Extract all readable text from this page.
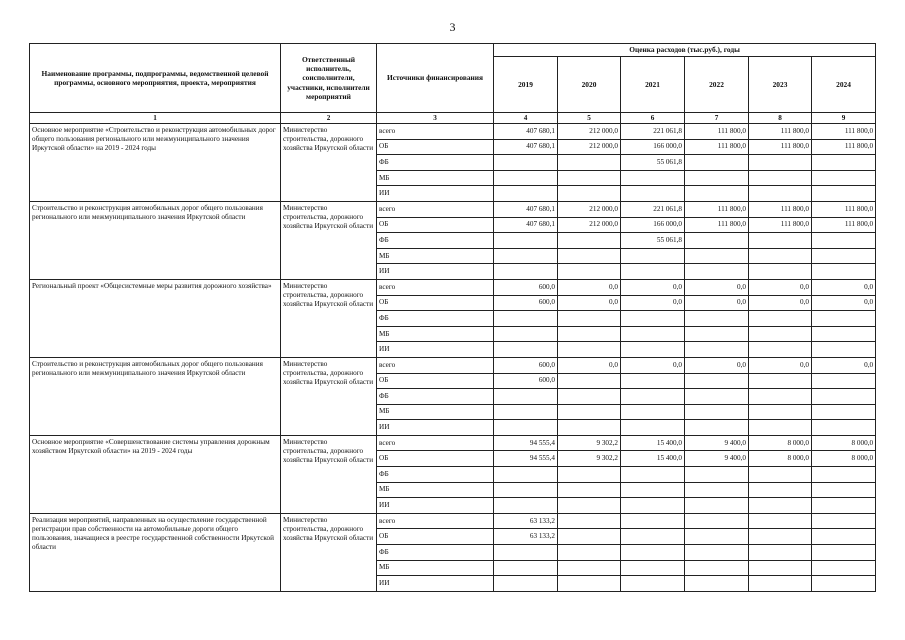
3
Наименование программы, подпрограммы, ведомственной целевой программы, основного мероприятия, проекта, мероприятия	Ответственный исполнитель, соисполнители, участники, исполнители мероприятий	Источники финансирования	Оценка расходов (тыс.руб.), годы					
			2019	2020	2021	2022	2023	2024
1	2	3	4	5	6	7	8	9
Основное мероприятие «Строительство и реконструкция автомобильных дорог общего пользования регионального или межмуниципального значения Иркутской области» на 2019 - 2024 годы	Министерство строительства, дорожного хозяйства Иркутской области	всего	407 680,1	212 000,0	221 061,8	111 800,0	111 800,0	111 800,0
		ОБ	407 680,1	212 000,0	166 000,0	111 800,0	111 800,0	111 800,0
		ФБ			55 061,8			
		МБ						
		ИИ						
Строительство и реконструкция автомобильных дорог общего пользования регионального или межмуниципального значения Иркутской области	Министерство строительства, дорожного хозяйства Иркутской области	всего	407 680,1	212 000,0	221 061,8	111 800,0	111 800,0	111 800,0
		ОБ	407 680,1	212 000,0	166 000,0	111 800,0	111 800,0	111 800,0
		ФБ			55 061,8			
		МБ						
		ИИ						
Региональный проект «Общесистемные меры развития дорожного хозяйства»	Министерство строительства, дорожного хозяйства Иркутской области	всего	600,0	0,0	0,0	0,0	0,0	0,0
		ОБ	600,0	0,0	0,0	0,0	0,0	0,0
		ФБ						
		МБ						
		ИИ						
Строительство и реконструкция автомобильных дорог общего пользования регионального или межмуниципального значения Иркутской области	Министерство строительства, дорожного хозяйства Иркутской области	всего	600,0	0,0	0,0	0,0	0,0	0,0
		ОБ	600,0					
		ФБ						
		МБ						
		ИИ						
Основное мероприятие «Совершенствование системы управления дорожным хозяйством Иркутской области» на 2019 - 2024 годы	Министерство строительства, дорожного хозяйства Иркутской области	всего	94 555,4	9 302,2	15 400,0	9 400,0	8 000,0	8 000,0
		ОБ	94 555,4	9 302,2	15 400,0	9 400,0	8 000,0	8 000,0
		ФБ						
		МБ						
		ИИ						
Реализация мероприятий, направленных на осуществление государственной регистрации прав собственности на автомобильные дороги общего пользования, значащиеся в реестре государственной собственности Иркутской области	Министерство строительства, дорожного хозяйства Иркутской области	всего	63 133,2					
		ОБ	63 133,2					
		ФБ						
		МБ						
		ИИ						
